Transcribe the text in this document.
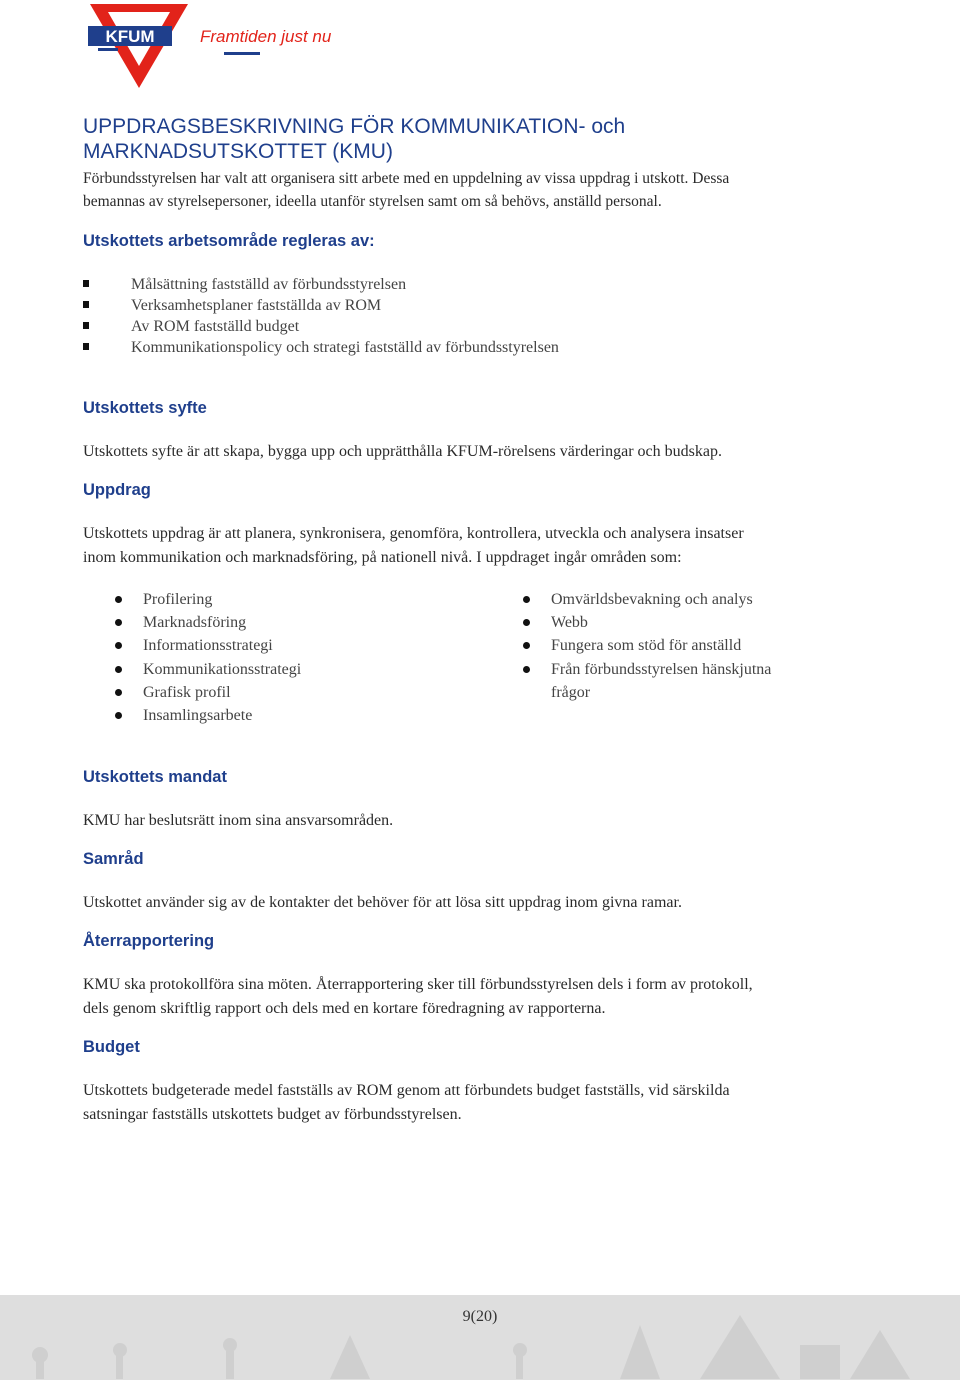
KFUM	Framtiden just nu
UPPDRAGSBESKRIVNING FÖR KOMMUNIKATION- och
MARKNADSUTSKOTTET (KMU)
Förbundsstyrelsen har valt att organisera sitt arbete med en uppdelning av vissa uppdrag i utskott. Dessa
bemannas av styrelsepersoner, ideella utanför styrelsen samt om så behövs, anställd personal.
Utskottets arbetsområde regleras av:
Målsättning fastställd av förbundsstyrelsen
Verksamhetsplaner fastställda av ROM
Av ROM fastställd budget
Kommunikationspolicy och strategi fastställd av förbundsstyrelsen
Utskottets syfte
Utskottets syfte är att skapa, bygga upp och upprätthålla KFUM-rörelsens värderingar och budskap.
Uppdrag
Utskottets uppdrag är att planera, synkronisera, genomföra, kontrollera, utveckla och analysera insatser
inom kommunikation och marknadsföring, på nationell nivå. I uppdraget ingår områden som:
Profilering
Marknadsföring
Informationsstrategi
Kommunikationsstrategi
Grafisk profil
Insamlingsarbete
Omvärldsbevakning och analys
Webb
Fungera som stöd för anställd
Från förbundsstyrelsen hänskjutna
frågor
Utskottets mandat
KMU har beslutsrätt inom sina ansvarsområden.
Samråd
Utskottet använder sig av de kontakter det behöver för att lösa sitt uppdrag inom givna ramar.
Återrapportering
KMU ska protokollföra sina möten. Återrapportering sker till förbundsstyrelsen dels i form av protokoll,
dels genom skriftlig rapport och dels med en kortare föredragning av rapporterna.
Budget
Utskottets budgeterade medel fastställs av ROM genom att förbundets budget fastställs, vid särskilda
satsningar fastställs utskottets budget av förbundsstyrelsen.
9(20)
